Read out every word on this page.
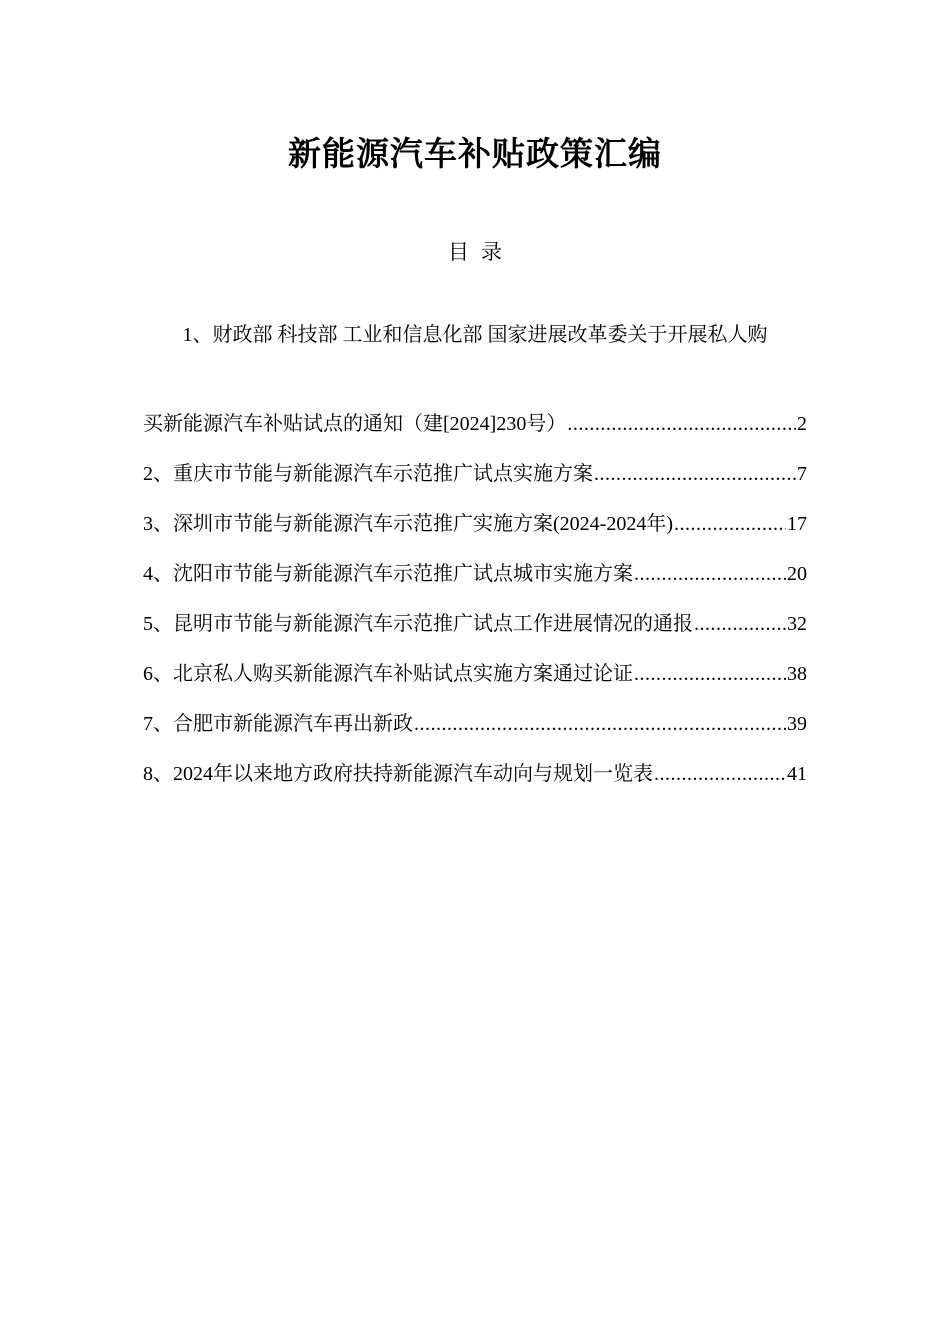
新能源汽车补贴政策汇编
目 录
1、财政部 科技部 工业和信息化部 国家进展改革委关于开展私人购
买新能源汽车补贴试点的通知（建[2024]230号） .....	2
2、重庆市节能与新能源汽车示范推广试点实施方案 .....	7
3、深圳市节能与新能源汽车示范推广实施方案(2024-2024年) .....	17
4、沈阳市节能与新能源汽车示范推广试点城市实施方案 .....	20
5、昆明市节能与新能源汽车示范推广试点工作进展情况的通报 .....	32
6、北京私人购买新能源汽车补贴试点实施方案通过论证 .....	38
7、合肥市新能源汽车再出新政 .....	39
8、2024年以来地方政府扶持新能源汽车动向与规划一览表 .....	41
